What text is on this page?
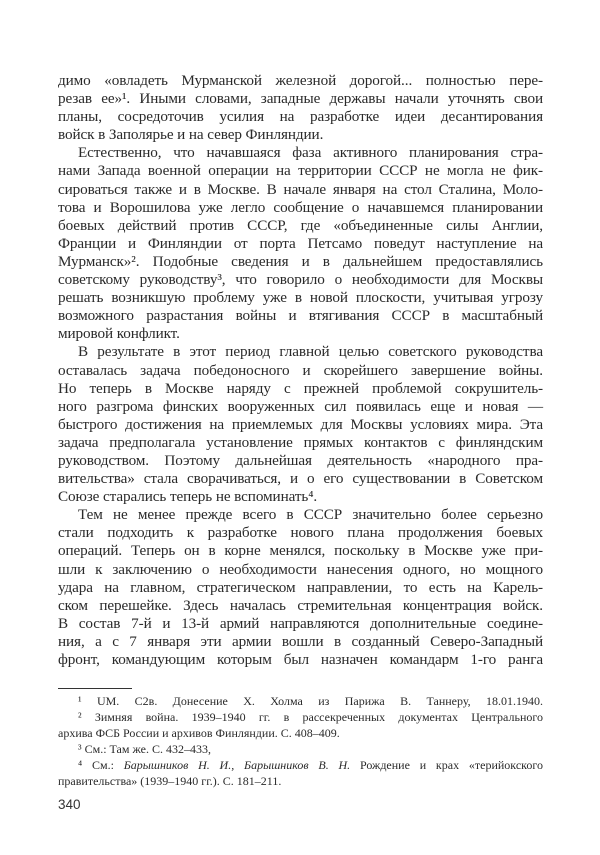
димо «овладеть Мурманской железной дорогой... полностью пере-
резав ее»¹. Иными словами, западные державы начали уточнять свои
планы, сосредоточив усилия на разработке идеи десантирования
войск в Заполярье и на север Финляндии.
Естественно, что начавшаяся фаза активного планирования стра-
нами Запада военной операции на территории СССР не могла не фик-
сироваться также и в Москве. В начале января на стол Сталина, Моло-
това и Ворошилова уже легло сообщение о начавшемся планировании
боевых действий против СССР, где «объединенные силы Англии,
Франции и Финляндии от порта Петсамо поведут наступление на
Мурманск»². Подобные сведения и в дальнейшем предоставлялись
советскому руководству³, что говорило о необходимости для Москвы
решать возникшую проблему уже в новой плоскости, учитывая угрозу
возможного разрастания войны и втягивания СССР в масштабный
мировой конфликт.
В результате в этот период главной целью советского руководства
оставалась задача победоносного и скорейшего завершение войны.
Но теперь в Москве наряду с прежней проблемой сокрушитель-
ного разгрома финских вооруженных сил появилась еще и новая —
быстрого достижения на приемлемых для Москвы условиях мира. Эта
задача предполагала установление прямых контактов с финляндским
руководством. Поэтому дальнейшая деятельность «народного пра-
вительства» стала сворачиваться, и о его существовании в Советском
Союзе старались теперь не вспоминать⁴.
Тем не менее прежде всего в СССР значительно более серьезно
стали подходить к разработке нового плана продолжения боевых
операций. Теперь он в корне менялся, поскольку в Москве уже при-
шли к заключению о необходимости нанесения одного, но мощного
удара на главном, стратегическом направлении, то есть на Карель-
ском перешейке. Здесь началась стремительная концентрация войск.
В состав 7-й и 13-й армий направляются дополнительные соедине-
ния, а с 7 января эти армии вошли в созданный Северо-Западный
фронт, командующим которым был назначен командарм 1-го ранга
¹ UM. C2в. Донесение Х. Холма из Парижа В. Таннеру, 18.01.1940.
² Зимняя война. 1939–1940 гг. в рассекреченных документах Центрального
архива ФСБ России и архивов Финляндии. С. 408–409.
³ См.: Там же. С. 432–433,
⁴ См.: Барышников Н. И., Барышников В. Н. Рождение и крах «терийокского
правительства» (1939–1940 гг.). С. 181–211.
340
